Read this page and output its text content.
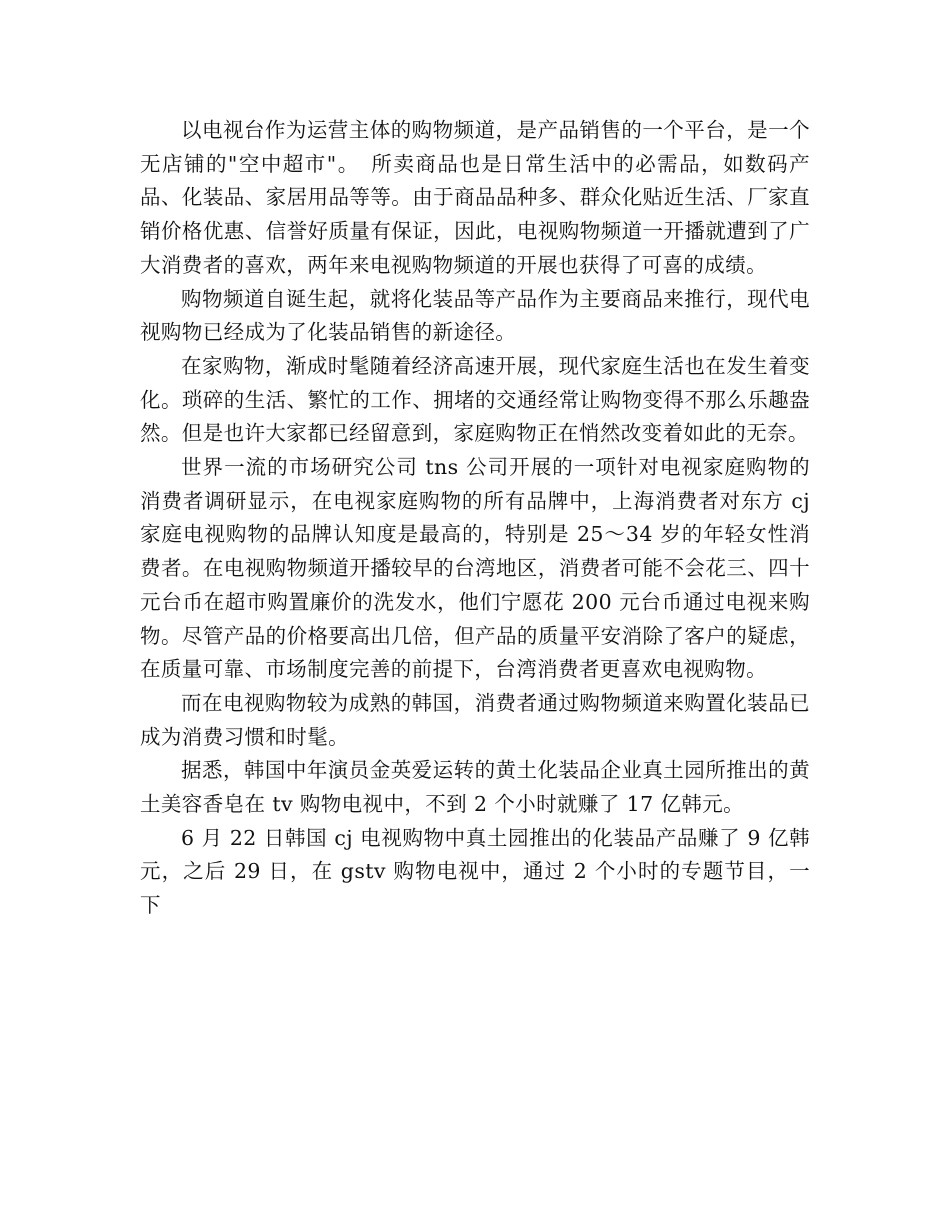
以电视台作为运营主体的购物频道，是产品销售的一个平台，是一个无店铺的"空中超市"。　所卖商品也是日常生活中的必需品，如数码产品、化装品、家居用品等等。由于商品品种多、群众化贴近生活、厂家直销价格优惠、信誉好质量有保证，因此，电视购物频道一开播就遭到了广大消费者的喜欢，两年来电视购物频道的开展也获得了可喜的成绩。

购物频道自诞生起，就将化装品等产品作为主要商品来推行，现代电视购物已经成为了化装品销售的新途径。

在家购物，渐成时髦随着经济高速开展，现代家庭生活也在发生着变化。琐碎的生活、繁忙的工作、拥堵的交通经常让购物变得不那么乐趣盎然。但是也许大家都已经留意到，家庭购物正在悄然改变着如此的无奈。

世界一流的市场研究公司 tns 公司开展的一项针对电视家庭购物的消费者调研显示，在电视家庭购物的所有品牌中，上海消费者对东方 cj 家庭电视购物的品牌认知度是最高的，特别是 25～34 岁的年轻女性消费者。在电视购物频道开播较早的台湾地区，消费者可能不会花三、四十元台币在超市购置廉价的洗发水，他们宁愿花 200 元台币通过电视来购物。尽管产品的价格要高出几倍，但产品的质量平安消除了客户的疑虑，在质量可靠、市场制度完善的前提下，台湾消费者更喜欢电视购物。

而在电视购物较为成熟的韩国，消费者通过购物频道来购置化装品已成为消费习惯和时髦。

据悉，韩国中年演员金英爱运转的黄土化装品企业真土园所推出的黄土美容香皂在 tv 购物电视中，不到 2 个小时就赚了 17 亿韩元。

6 月 22 日韩国 cj 电视购物中真土园推出的化装品产品赚了 9 亿韩元，之后 29 日，在 gstv 购物电视中，通过 2 个小时的专题节目，一下
